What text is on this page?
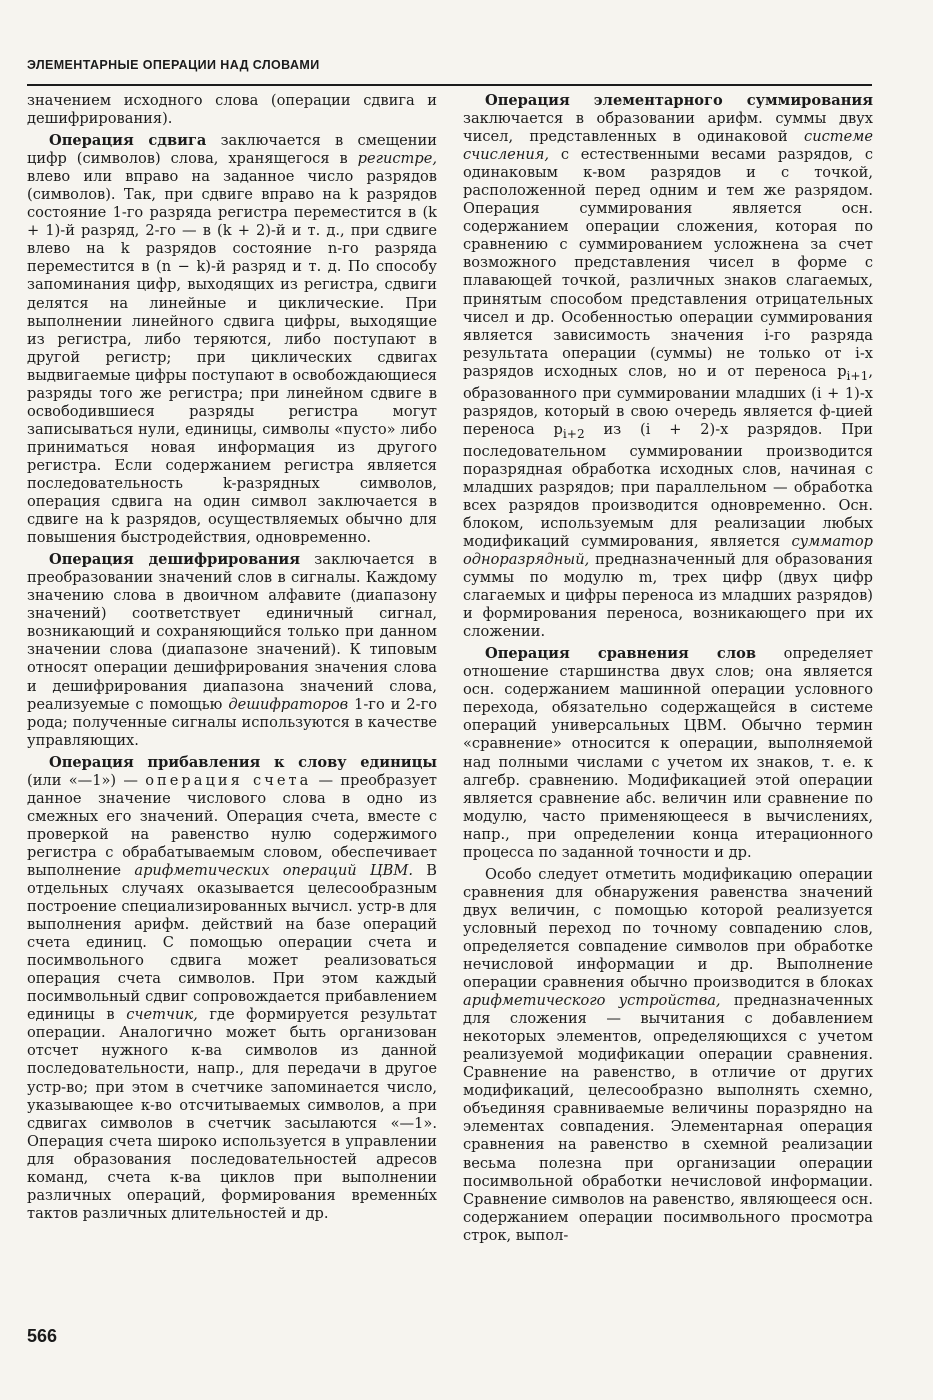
ЭЛЕМЕНТАРНЫЕ ОПЕРАЦИИ НАД СЛОВАМИ

значением исходного слова (операции сдвига и дешифрирования).

Операция сдвига заключается в смещении цифр (символов) слова, хранящегося в регистре, влево или вправо на заданное число разрядов (символов). Так, при сдвиге вправо на k разрядов состояние 1-го разряда регистра переместится в (k + 1)-й разряд, 2-го — в (k + 2)-й и т. д., при сдвиге влево на k разрядов состояние n-го разряда переместится в (n − k)-й разряд и т. д. По способу запоминания цифр, выходящих из регистра, сдвиги делятся на линейные и циклические. При выполнении линейного сдвига цифры, выходящие из регистра, либо теряются, либо поступают в другой регистр; при циклических сдвигах выдвигаемые цифры поступают в освобождающиеся разряды того же регистра; при линейном сдвиге в освободившиеся разряды регистра могут записываться нули, единицы, символы «пусто» либо приниматься новая информация из другого регистра. Если содержанием регистра является последовательность k-разрядных символов, операция сдвига на один символ заключается в сдвиге на k разрядов, осуществляемых обычно для повышения быстродействия, одновременно.

Операция дешифрирования заключается в преобразовании значений слов в сигналы. Каждому значению слова в двоичном алфавите (диапазону значений) соответствует единичный сигнал, возникающий и сохраняющийся только при данном значении слова (диапазоне значений). К типовым относят операции дешифрирования значения слова и дешифрирования диапазона значений слова, реализуемые с помощью дешифраторов 1-го и 2-го рода; полученные сигналы используются в качестве управляющих.

Операция прибавления к слову единицы (или «—1») — операция счета — преобразует данное значение числового слова в одно из смежных его значений. Операция счета, вместе с проверкой на равенство нулю содержимого регистра с обрабатываемым словом, обеспечивает выполнение арифметических операций ЦВМ. В отдельных случаях оказывается целесообразным построение специализированных вычисл. устр-в для выполнения арифм. действий на базе операций счета единиц. С помощью операции счета и посимвольного сдвига может реализоваться операция счета символов. При этом каждый посимвольный сдвиг сопровождается прибавлением единицы в счетчик, где формируется результат операции. Аналогично может быть организован отсчет нужного к-ва символов из данной последовательности, напр., для передачи в другое устр-во; при этом в счетчике запоминается число, указывающее к-во отсчитываемых символов, а при сдвигах символов в счетчик засылаются «—1». Операция счета широко используется в управлении для образования последовательностей адресов команд, счета к-ва циклов при выполнении различных операций, формирования временны́х тактов различных длительностей и др.

Операция элементарного суммирования заключается в образовании арифм. суммы двух чисел, представленных в одинаковой системе счисления, с естественными весами разрядов, с одинаковым к-вом разрядов и с точкой, расположенной перед одним и тем же разрядом. Операция суммирования является осн. содержанием операции сложения, которая по сравнению с суммированием усложнена за счет возможного представления чисел в форме с плавающей точкой, различных знаков слагаемых, принятым способом представления отрицательных чисел и др. Особенностью операции суммирования является зависимость значения i-го разряда результата операции (суммы) не только от i-х разрядов исходных слов, но и от переноса $p_{i+1}$, образованного при суммировании младших (i + 1)-х разрядов, который в свою очередь является ф-цией переноса $p_{i+2}$ из (i + 2)-х разрядов. При последовательном суммировании производится поразрядная обработка исходных слов, начиная с младших разрядов; при параллельном — обработка всех разрядов производится одновременно. Осн. блоком, используемым для реализации любых модификаций суммирования, является сумматор одноразрядный, предназначенный для образования суммы по модулю m, трех цифр (двух цифр слагаемых и цифры переноса из младших разрядов) и формирования переноса, возникающего при их сложении.

Операция сравнения слов определяет отношение старшинства двух слов; она является осн. содержанием машинной операции условного перехода, обязательно содержащейся в системе операций универсальных ЦВМ. Обычно термин «сравнение» относится к операции, выполняемой над полными числами с учетом их знаков, т. е. к алгебр. сравнению. Модификацией этой операции является сравнение абс. величин или сравнение по модулю, часто применяющееся в вычислениях, напр., при определении конца итерационного процесса по заданной точности и др.

Особо следует отметить модификацию операции сравнения для обнаружения равенства значений двух величин, с помощью которой реализуется условный переход по точному совпадению слов, определяется совпадение символов при обработке нечисловой информации и др. Выполнение операции сравнения обычно производится в блоках арифметического устройства, предназначенных для сложения — вычитания с добавлением некоторых элементов, определяющихся с учетом реализуемой модификации операции сравнения. Сравнение на равенство, в отличие от других модификаций, целесообразно выполнять схемно, объединяя сравниваемые величины поразрядно на элементах совпадения. Элементарная операция сравнения на равенство в схемной реализации весьма полезна при организации операции посимвольной обработки нечисловой информации. Сравнение символов на равенство, являющееся осн. содержанием операции посимвольного просмотра строк, выпол-

566
